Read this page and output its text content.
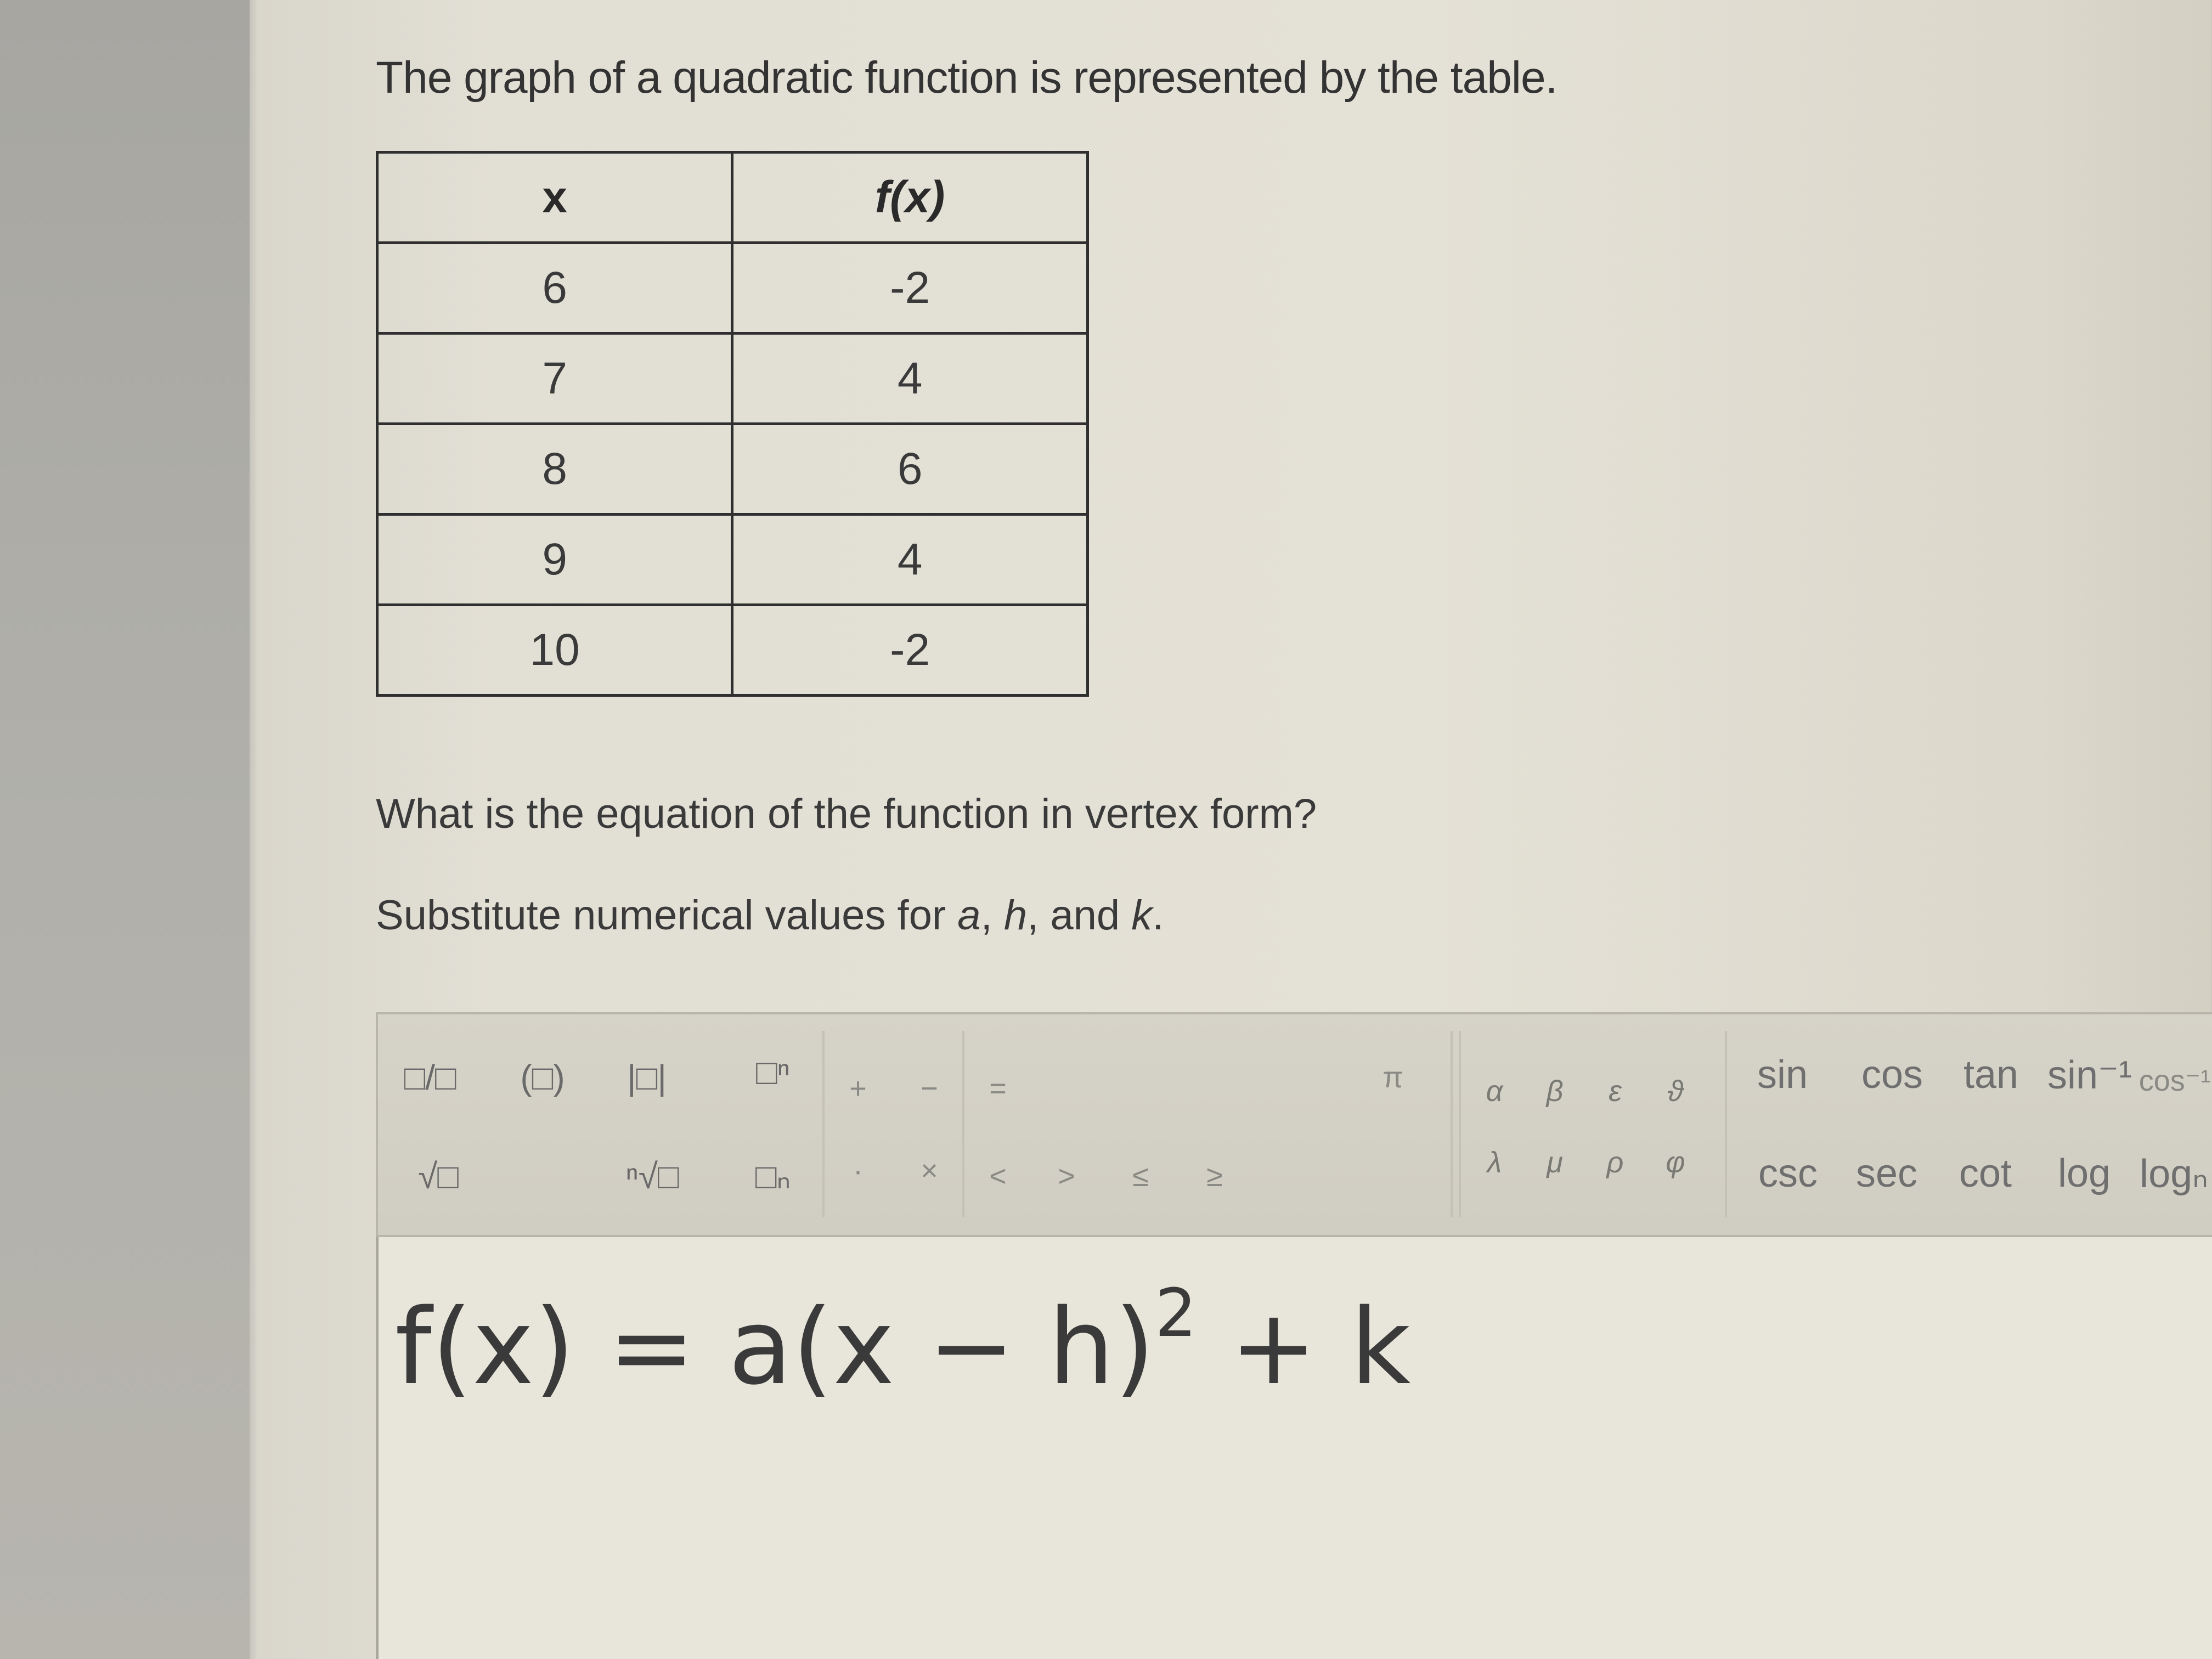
The graph of a quadratic function is represented by the table.
x	f(x)
6	-2
7	4
8	6
9	4
10	-2
What is the equation of the function in vertex form?
Substitute numerical values for a, h, and k.
□/□	(□)	|□|	□ⁿ	+	−	=	π	α	β	ε	ϑ	sin	cos	tan sin⁻¹ cos⁻¹
√□	ⁿ√□	□ₙ	·	×	<	>	≤	≥	λ	μ	ρ	φ	csc sec	cot	log logₙ
$f(x) = a(x - h)^2 + k$
